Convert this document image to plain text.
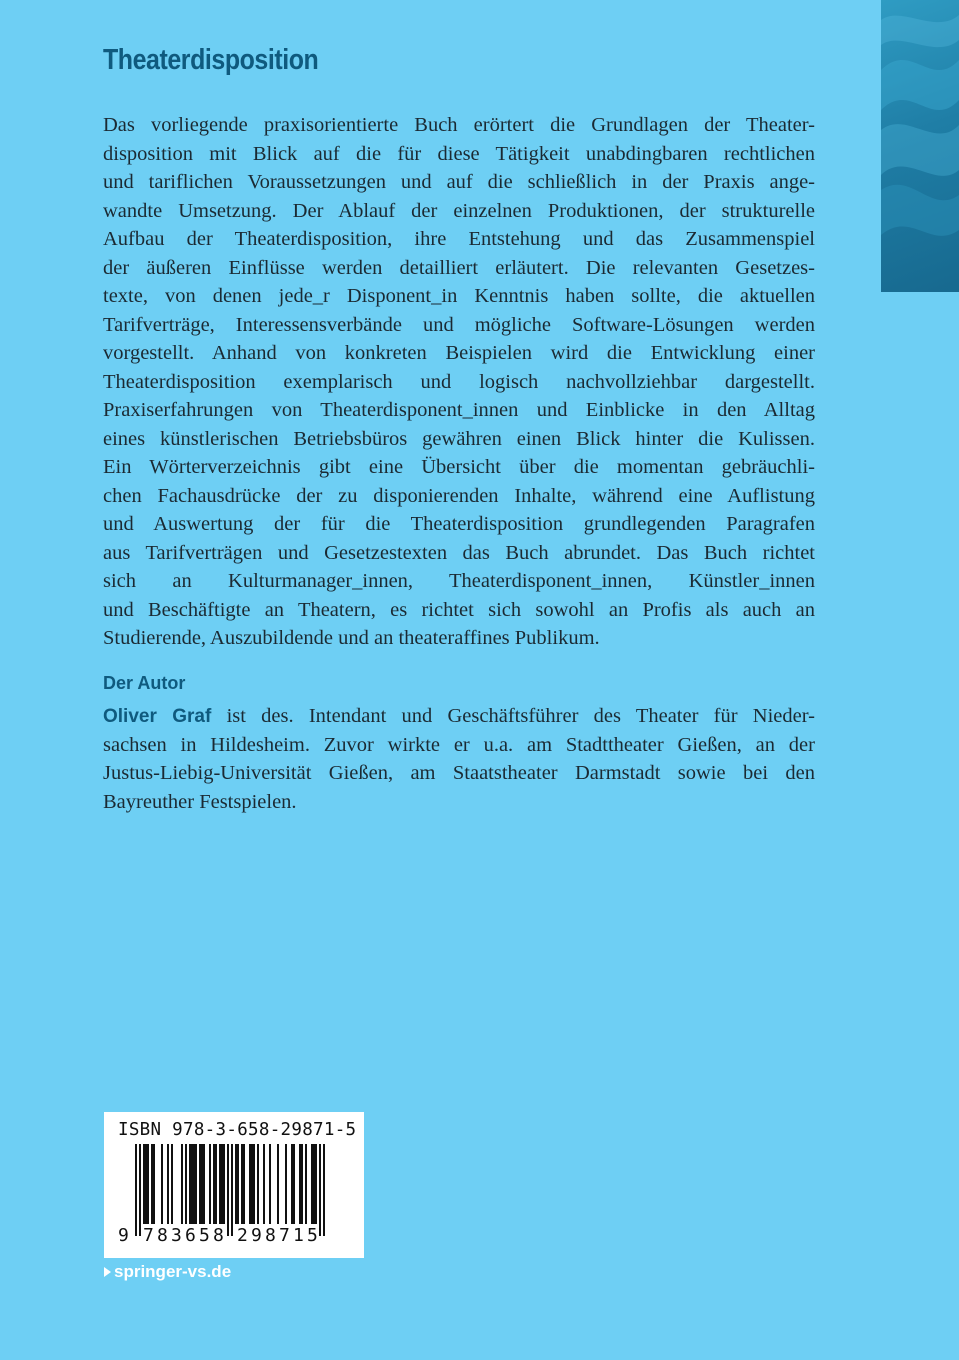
Theaterdisposition
Das vorliegende praxisorientierte Buch erörtert die Grundlagen der Theater-
disposition mit Blick auf die für diese Tätigkeit unabdingbaren rechtlichen
und tariflichen Voraussetzungen und auf die schließlich in der Praxis ange-
wandte Umsetzung. Der Ablauf der einzelnen Produktionen, der strukturelle
Aufbau der Theaterdisposition, ihre Entstehung und das Zusammenspiel
der äußeren Einflüsse werden detailliert erläutert. Die relevanten Gesetzes-
texte, von denen jede_r Disponent_in Kenntnis haben sollte, die aktuellen
Tarifverträge, Interessensverbände und mögliche Software-Lösungen werden
vorgestellt. Anhand von konkreten Beispielen wird die Entwicklung einer
Theaterdisposition exemplarisch und logisch nachvollziehbar dargestellt.
Praxiserfahrungen von Theaterdisponent_innen und Einblicke in den Alltag
eines künstlerischen Betriebsbüros gewähren einen Blick hinter die Kulissen.
Ein Wörterverzeichnis gibt eine Übersicht über die momentan gebräuchli-
chen Fachausdrücke der zu disponierenden Inhalte, während eine Auflistung
und Auswertung der für die Theaterdisposition grundlegenden Paragrafen
aus Tarifverträgen und Gesetzestexten das Buch abrundet. Das Buch richtet
sich an Kulturmanager_innen, Theaterdisponent_innen, Künstler_innen
und Beschäftigte an Theatern, es richtet sich sowohl an Profis als auch an
Studierende, Auszubildende und an theateraffines Publikum.
Der Autor
Oliver Graf ist des. Intendant und Geschäftsführer des Theater für Nieder-
sachsen in Hildesheim. Zuvor wirkte er u.a. am Stadttheater Gießen, an der
Justus-Liebig-Universität Gießen, am Staatstheater Darmstadt sowie bei den
Bayreuther Festspielen.
ISBN 978-3-658-29871-5
9 7 8 3 6 5 8 2 9 8 7 1 5
springer-vs.de
